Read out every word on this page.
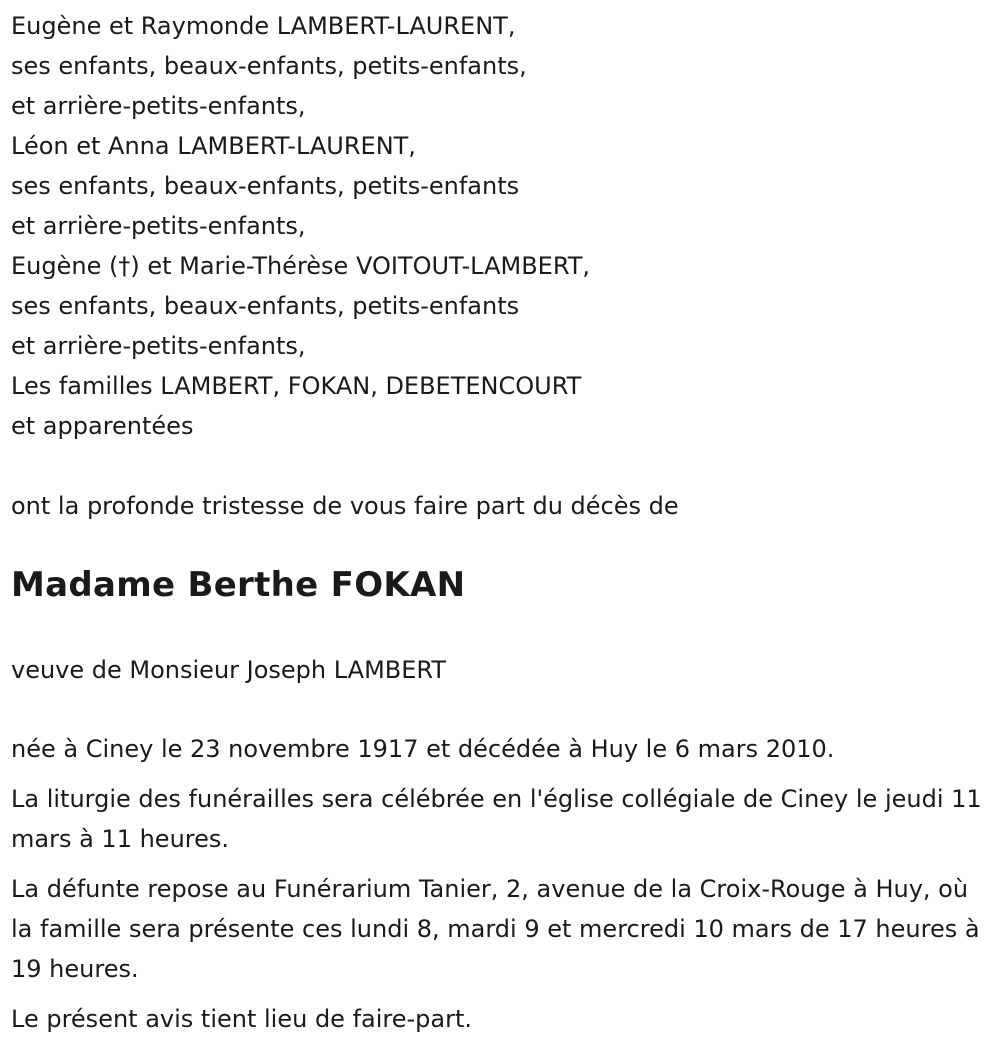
Eugène et Raymonde LAMBERT-LAURENT,
ses enfants, beaux-enfants, petits-enfants,
et arrière-petits-enfants,
Léon et Anna LAMBERT-LAURENT,
ses enfants, beaux-enfants, petits-enfants
et arrière-petits-enfants,
Eugène (†) et Marie-Thérèse VOITOUT-LAMBERT,
ses enfants, beaux-enfants, petits-enfants
et arrière-petits-enfants,
Les familles LAMBERT, FOKAN, DEBETENCOURT
et apparentées
ont la profonde tristesse de vous faire part du décès de
Madame Berthe FOKAN
veuve de Monsieur Joseph LAMBERT

née à Ciney le 23 novembre 1917 et décédée à Huy le 6 mars 2010.

La liturgie des funérailles sera célébrée en l'église collégiale de Ciney le jeudi 11 mars à 11 heures.

La défunte repose au Funérarium Tanier, 2, avenue de la Croix-Rouge à Huy, où la famille sera présente ces lundi 8, mardi 9 et mercredi 10 mars de 17 heures à 19 heures.

Le présent avis tient lieu de faire-part.
